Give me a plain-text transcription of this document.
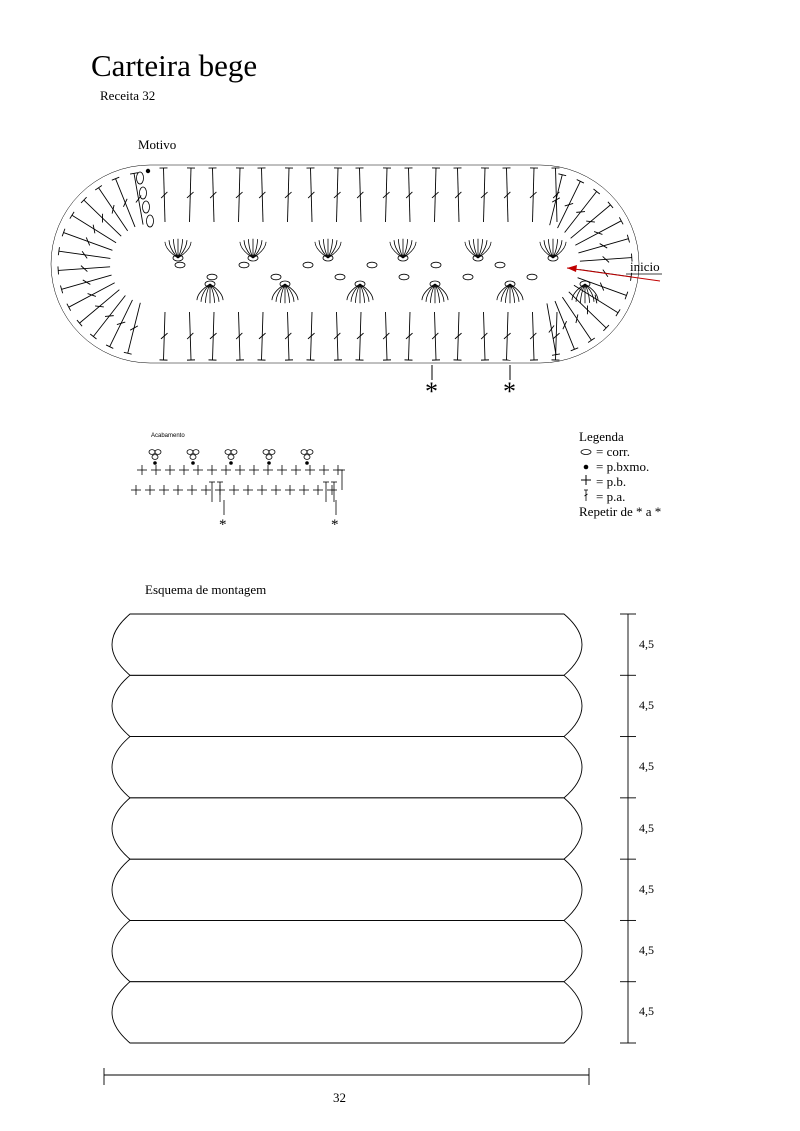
Carteira bege
Receita 32
Motivo
inicio
*	*
Acabamento
*	*
Legenda
= corr.
= p.bxmo.
= p.b.
= p.a.
Repetir de * a *
Esquema de montagem
4,5
4,5
4,5
4,5
4,5
4,5
4,5
32
